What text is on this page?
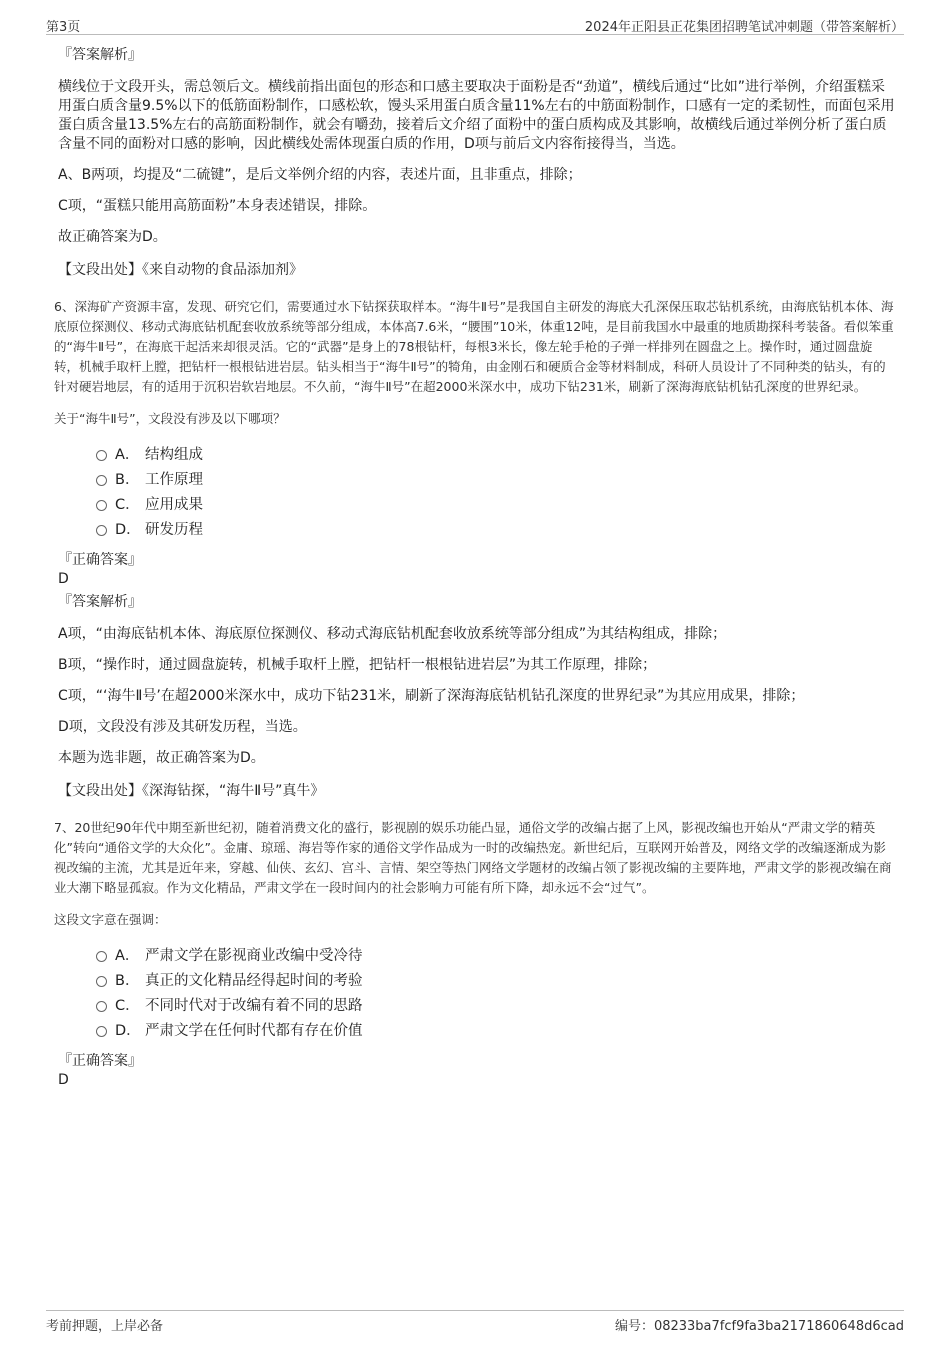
第3页	2024年正阳县正花集团招聘笔试冲刺题（带答案解析）
『答案解析』

横线位于文段开头，需总领后文。横线前指出面包的形态和口感主要取决于面粉是否“劲道”，横线后通过“比如”进行举例，介绍蛋糕采用蛋白质含量9.5%以下的低筋面粉制作，口感松软，馒头采用蛋白质含量11%左右的中筋面粉制作，口感有一定的柔韧性，而面包采用蛋白质含量13.5%左右的高筋面粉制作，就会有嚼劲，接着后文介绍了面粉中的蛋白质构成及其影响，故横线后通过举例分析了蛋白质含量不同的面粉对口感的影响，因此横线处需体现蛋白质的作用，D项与前后文内容衔接得当，当选。

A、B两项，均提及“二硫键”，是后文举例介绍的内容，表述片面，且非重点，排除；

C项，“蛋糕只能用高筋面粉”本身表述错误，排除。

故正确答案为D。

【文段出处】《来自动物的食品添加剂》

6、深海矿产资源丰富，发现、研究它们，需要通过水下钻探获取样本。“海牛Ⅱ号”是我国自主研发的海底大孔深保压取芯钻机系统，由海底钻机本体、海底原位探测仪、移动式海底钻机配套收放系统等部分组成，本体高7.6米，“腰围”10米，体重12吨，是目前我国水中最重的地质勘探科考装备。看似笨重的“海牛Ⅱ号”，在海底干起活来却很灵活。它的“武器”是身上的78根钻杆，每根3米长，像左轮手枪的子弹一样排列在圆盘之上。操作时，通过圆盘旋转，机械手取杆上膛，把钻杆一根根钻进岩层。钻头相当于“海牛Ⅱ号”的犄角，由金刚石和硬质合金等材料制成，科研人员设计了不同种类的钻头，有的针对硬岩地层，有的适用于沉积岩软岩地层。不久前，“海牛Ⅱ号”在超2000米深水中，成功下钻231米，刷新了深海海底钻机钻孔深度的世界纪录。
关于“海牛Ⅱ号”，文段没有涉及以下哪项？
A． 结构组成
B． 工作原理
C． 应用成果
D． 研发历程
『正确答案』
D
『答案解析』

A项，“由海底钻机本体、海底原位探测仪、移动式海底钻机配套收放系统等部分组成”为其结构组成，排除；

B项，“操作时，通过圆盘旋转，机械手取杆上膛，把钻杆一根根钻进岩层”为其工作原理，排除；

C项，“‘海牛Ⅱ号’在超2000米深水中，成功下钻231米，刷新了深海海底钻机钻孔深度的世界纪录”为其应用成果，排除；

D项，文段没有涉及其研发历程，当选。

本题为选非题，故正确答案为D。

【文段出处】《深海钻探，“海牛Ⅱ号”真牛》

7、20世纪90年代中期至新世纪初，随着消费文化的盛行，影视剧的娱乐功能凸显，通俗文学的改编占据了上风，影视改编也开始从“严肃文学的精英化”转向“通俗文学的大众化”。金庸、琼瑶、海岩等作家的通俗文学作品成为一时的改编热宠。新世纪后，互联网开始普及，网络文学的改编逐渐成为影视改编的主流，尤其是近年来，穿越、仙侠、玄幻、宫斗、言情、架空等热门网络文学题材的改编占领了影视改编的主要阵地，严肃文学的影视改编在商业大潮下略显孤寂。作为文化精品，严肃文学在一段时间内的社会影响力可能有所下降，却永远不会“过气”。
这段文字意在强调：
A． 严肃文学在影视商业改编中受冷待
B． 真正的文化精品经得起时间的考验
C． 不同时代对于改编有着不同的思路
D． 严肃文学在任何时代都有存在价值
『正确答案』
D
考前押题，上岸必备	编号：08233ba7fcf9fa3ba2171860648d6cad
